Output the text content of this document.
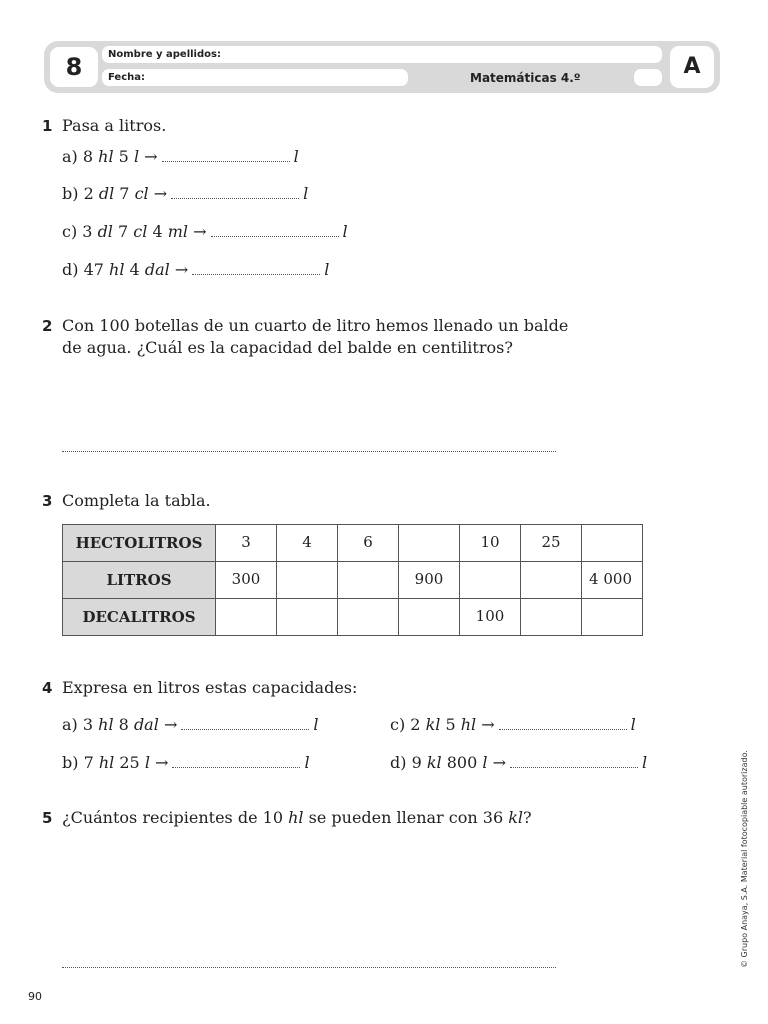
8	Nombre y apellidos:
Fecha:	Matemáticas 4.º	A
1 Pasa a litros.
a) 8 hl 5 l →	l
b) 2 dl 7 cl →	l
c) 3 dl 7 cl 4 ml →	l
d) 47 hl 4 dal →	l
2 Con 100 botellas de un cuarto de litro hemos llenado un balde
de agua. ¿Cuál es la capacidad del balde en centilitros?
3 Completa la tabla.
HECTOLITROS	3	4	6		10	25	
LITROS	300			900			4 000
DECALITROS					100		
4 Expresa en litros estas capacidades:
a) 3 hl 8 dal →	l	c) 2 kl 5 hl →	l
b) 7 hl 25 l →	l	d) 9 kl 800 l →	l
5 ¿Cuántos recipientes de 10 hl se pueden llenar con 36 kl?	© Grupo Anaya, S.A. Material fotocopiable autorizado.
90
